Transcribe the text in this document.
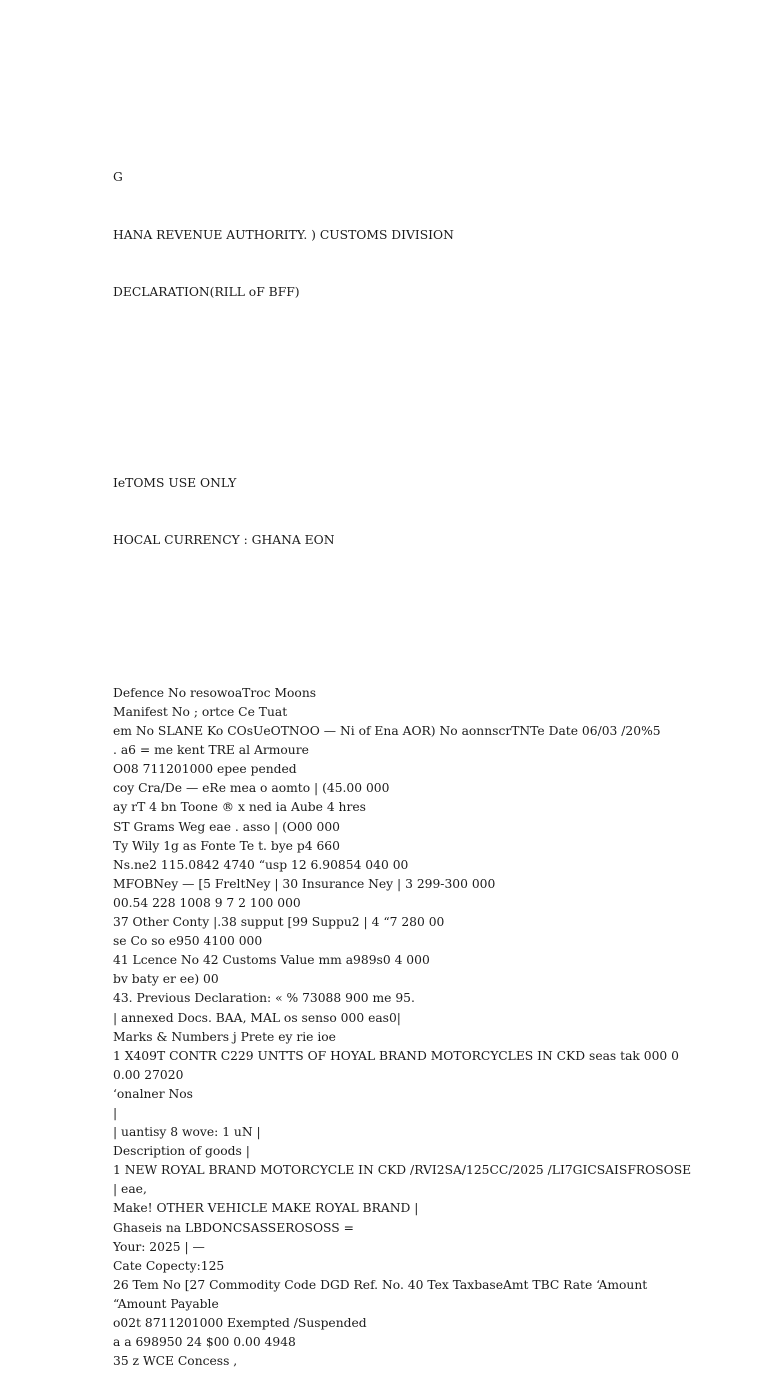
G

HANA REVENUE AUTHORITY. ) CUSTOMS DIVISION

DECLARATION(RILL oF BFF)

IeTOMS USE ONLY

HOCAL CURRENCY : GHANA EON

Defence No resowoaTroc Moons
Manifest No ; ortce Ce Tuat
em No SLANE Ko COsUeOTNOO — Ni of Ena AOR) No aonnscrTNTe Date 06/03 /20%5
. a6 = me kent TRE al Armoure
O08 711201000 epee pended
coy Cra/De — eRe mea o aomto | (45.00 000
ay rT 4 bn Toone ® x ned ia Aube 4 hres
ST Grams Weg eae . asso | (O00 000
Ty Wily 1g as Fonte Te t. bye p4 660
Ns.ne2 115.0842 4740 “usp 12 6.90854 040 00
MFOBNey — [5 FreltNey | 30 Insurance Ney | 3 299-300 000
00.54 228 1008 9 7 2 100 000
37 Other Conty |.38 supput [99 Suppu2 | 4 “7 280 00
se Co so e950 4100 000
41 Lcence No 42 Customs Value mm a989s0 4 000
bv baty er ee) 00
43. Previous Declaration: « % 73088 900 me 95.
| annexed Docs. BAA, MAL os senso 000 eas0|
Marks & Numbers j Prete ey rie ioe
1 X409T CONTR C229 UNTTS OF HOYAL BRAND MOTORCYCLES IN CKD seas tak 000 0
0.00 27020
‘onalner Nos
|
| uantisy 8 wove: 1 uN |
Description of goods |
1 NEW ROYAL BRAND MOTORCYCLE IN CKD /RVI2SA/125CC/2025 /LI7GICSAISFROSOSE
| eae,
Make! OTHER VEHICLE MAKE ROYAL BRAND |
Ghaseis na LBDONCSASSEROSOSS =
Your: 2025 | —
Cate Copecty:125
26 Tem No [27 Commodity Code DGD Ref. No. 40 Tex TaxbaseAmt TBC Rate ‘Amount
“Amount Payable
o02t 8711201000 Exempted /Suspended
a a 698950 24 $00 0.00 4948
35 z WCE Concess ,
